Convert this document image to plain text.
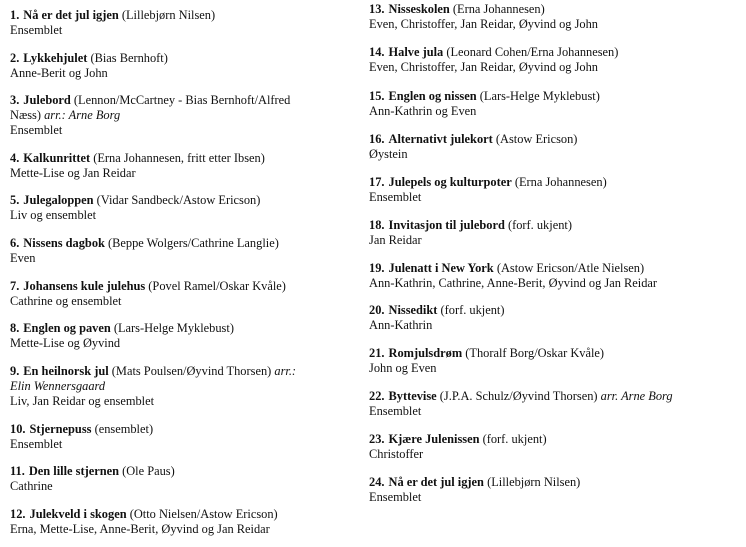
1. Nå er det jul igjen (Lillebjørn Nilsen)
Ensemblet
2. Lykkehjulet (Bias Bernhoft)
Anne-Berit og John
3. Julebord (Lennon/McCartney - Bias Bernhoft/Alfred
Næss) arr.: Arne Borg
Ensemblet
4. Kalkunrittet (Erna Johannesen, fritt etter Ibsen)
Mette-Lise og Jan Reidar
5. Julegaloppen (Vidar Sandbeck/Astow Ericson)
Liv og ensemblet
6. Nissens dagbok (Beppe Wolgers/Cathrine Langlie)
Even
7. Johansens kule julehus (Povel Ramel/Oskar Kvåle)
Cathrine og ensemblet
8. Englen og paven (Lars-Helge Myklebust)
Mette-Lise og Øyvind
9. En heilnorsk jul (Mats Poulsen/Øyvind Thorsen) arr.:
Elin Wennersgaard
Liv, Jan Reidar og ensemblet
10. Stjernepuss (ensemblet)
Ensemblet
11. Den lille stjernen (Ole Paus)
Cathrine
12. Julekveld i skogen (Otto Nielsen/Astow Ericson)
Erna, Mette-Lise, Anne-Berit, Øyvind og Jan Reidar
13. Nisseskolen (Erna Johannesen)
Even, Christoffer, Jan Reidar, Øyvind og John
14. Halve jula (Leonard Cohen/Erna Johannesen)
Even, Christoffer, Jan Reidar, Øyvind og John
15. Englen og nissen (Lars-Helge Myklebust)
Ann-Kathrin og Even
16. Alternativt julekort (Astow Ericson)
Øystein
17. Julepels og kulturpoter (Erna Johannesen)
Ensemblet
18. Invitasjon til julebord (forf. ukjent)
Jan Reidar
19. Julenatt i New York (Astow Ericson/Atle Nielsen)
Ann-Kathrin, Cathrine, Anne-Berit, Øyvind og Jan Reidar
20. Nissedikt (forf. ukjent)
Ann-Kathrin
21. Romjulsdrøm (Thoralf Borg/Oskar Kvåle)
John og Even
22. Byttevise (J.P.A. Schulz/Øyvind Thorsen) arr. Arne Borg
Ensemblet
23. Kjære Julenissen (forf. ukjent)
Christoffer
24. Nå er det jul igjen (Lillebjørn Nilsen)
Ensemblet
